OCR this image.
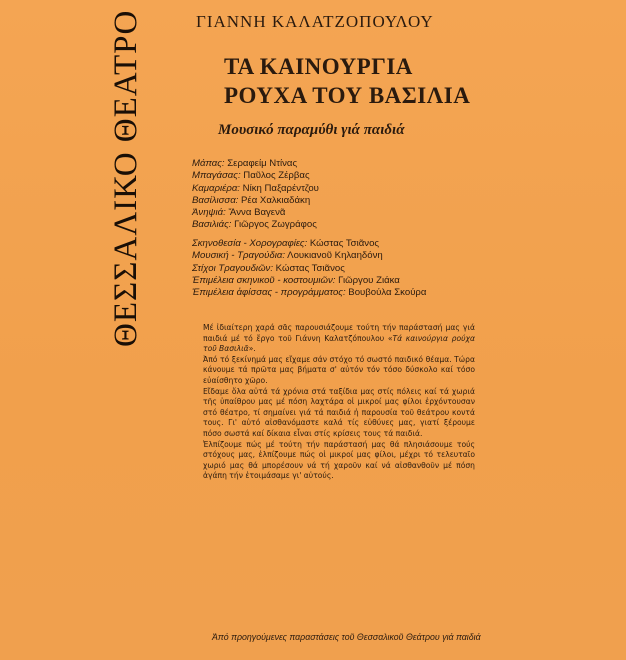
ΘΕΣΣΑΛΙΚΟ ΘΕΑΤΡΟ	ΓΙΑΝΝΗ ΚΑΛΑΤΖΟΠΟΥΛΟΥ
ΤΑ ΚΑΙΝΟΥΡΓΙΑ
ΡΟΥΧΑ ΤΟΥ ΒΑΣΙΛΙΑ
Μουσικό παραμύθι γιά παιδιά
Μάπας: Σεραφείμ Ντίνας
Μπαγάσας: Παῦλος Ζέρβας
Καμαριέρα: Νίκη Παξαρέντζου
Βασίλισσα: Ρέα Χαλκιαδάκη
Ἀνηψιά: Ἄννα Βαγενᾶ
Βασιλιάς: Γιῶργος Ζωγράφος
Σκηνοθεσία - Χορογραφίες: Κώστας Τσιᾶνος
Μουσική - Τραγούδια: Λουκιανοῦ Κηλαηδόνη
Στίχοι Τραγουδιῶν: Κώστας Τσιᾶνος
Ἐπιμέλεια σκηνικοῦ - κοστουμιῶν: Γιῶργου Ζιάκα
Ἐπιμέλεια ἀφίσσας - προγράμματος: Βουβούλα Σκούρα

Μέ ἰδιαίτερη χαρά σᾶς παρουσιάζουμε τούτη τήν παράστασή μας γιά παιδιά μέ τό ἔργο τοῦ Γιάννη Καλατζόπουλου «Τά καινούργια ρούχα τοῦ Βασιλιᾶ».

Ἀπό τό ξεκίνημά μας εἴχαμε σάν στόχο τό σωστό παιδικό θέαμα. Τώρα κάνουμε τά πρῶτα μας βήματα σ' αὐτόν τόν τόσο δύσκολο καί τόσο εὐαίσθητο χῶρο.

Εἴδαμε ὅλα αὐτά τά χρόνια στά ταξίδια μας στίς πόλεις καί τά χωριά τῆς ὑπαίθρου μας μέ πόση λαχτάρα οἱ μικροί μας φίλοι ἐρχόντουσαν στό θέατρο, τί σημαίνει γιά τά παιδιά ἡ παρουσία τοῦ θεάτρου κοντά τους. Γι' αὐτό αἰσθανόμαστε καλά τίς εὐθύνες μας, γιατί ξέρουμε πόσο σωστά καί δίκαια εἶναι στίς κρίσεις τους τά παιδιά.

Ἐλπίζουμε πώς μέ τούτη τήν παράστασή μας θά πλησιάσουμε τούς στόχους μας, ἐλπίζουμε πώς οἱ μικροί μας φίλοι, μέχρι τό τελευταῖο χωριό μας θά μπορέσουν νά τή χαροῦν καί νά αἰσθανθοῦν μέ πόση ἀγάπη τήν ἑτοιμάσαμε γι' αὐτούς.

Ἀπό προηγούμενες παραστάσεις τοῦ Θεσσαλικοῦ Θεάτρου γιά παιδιά
